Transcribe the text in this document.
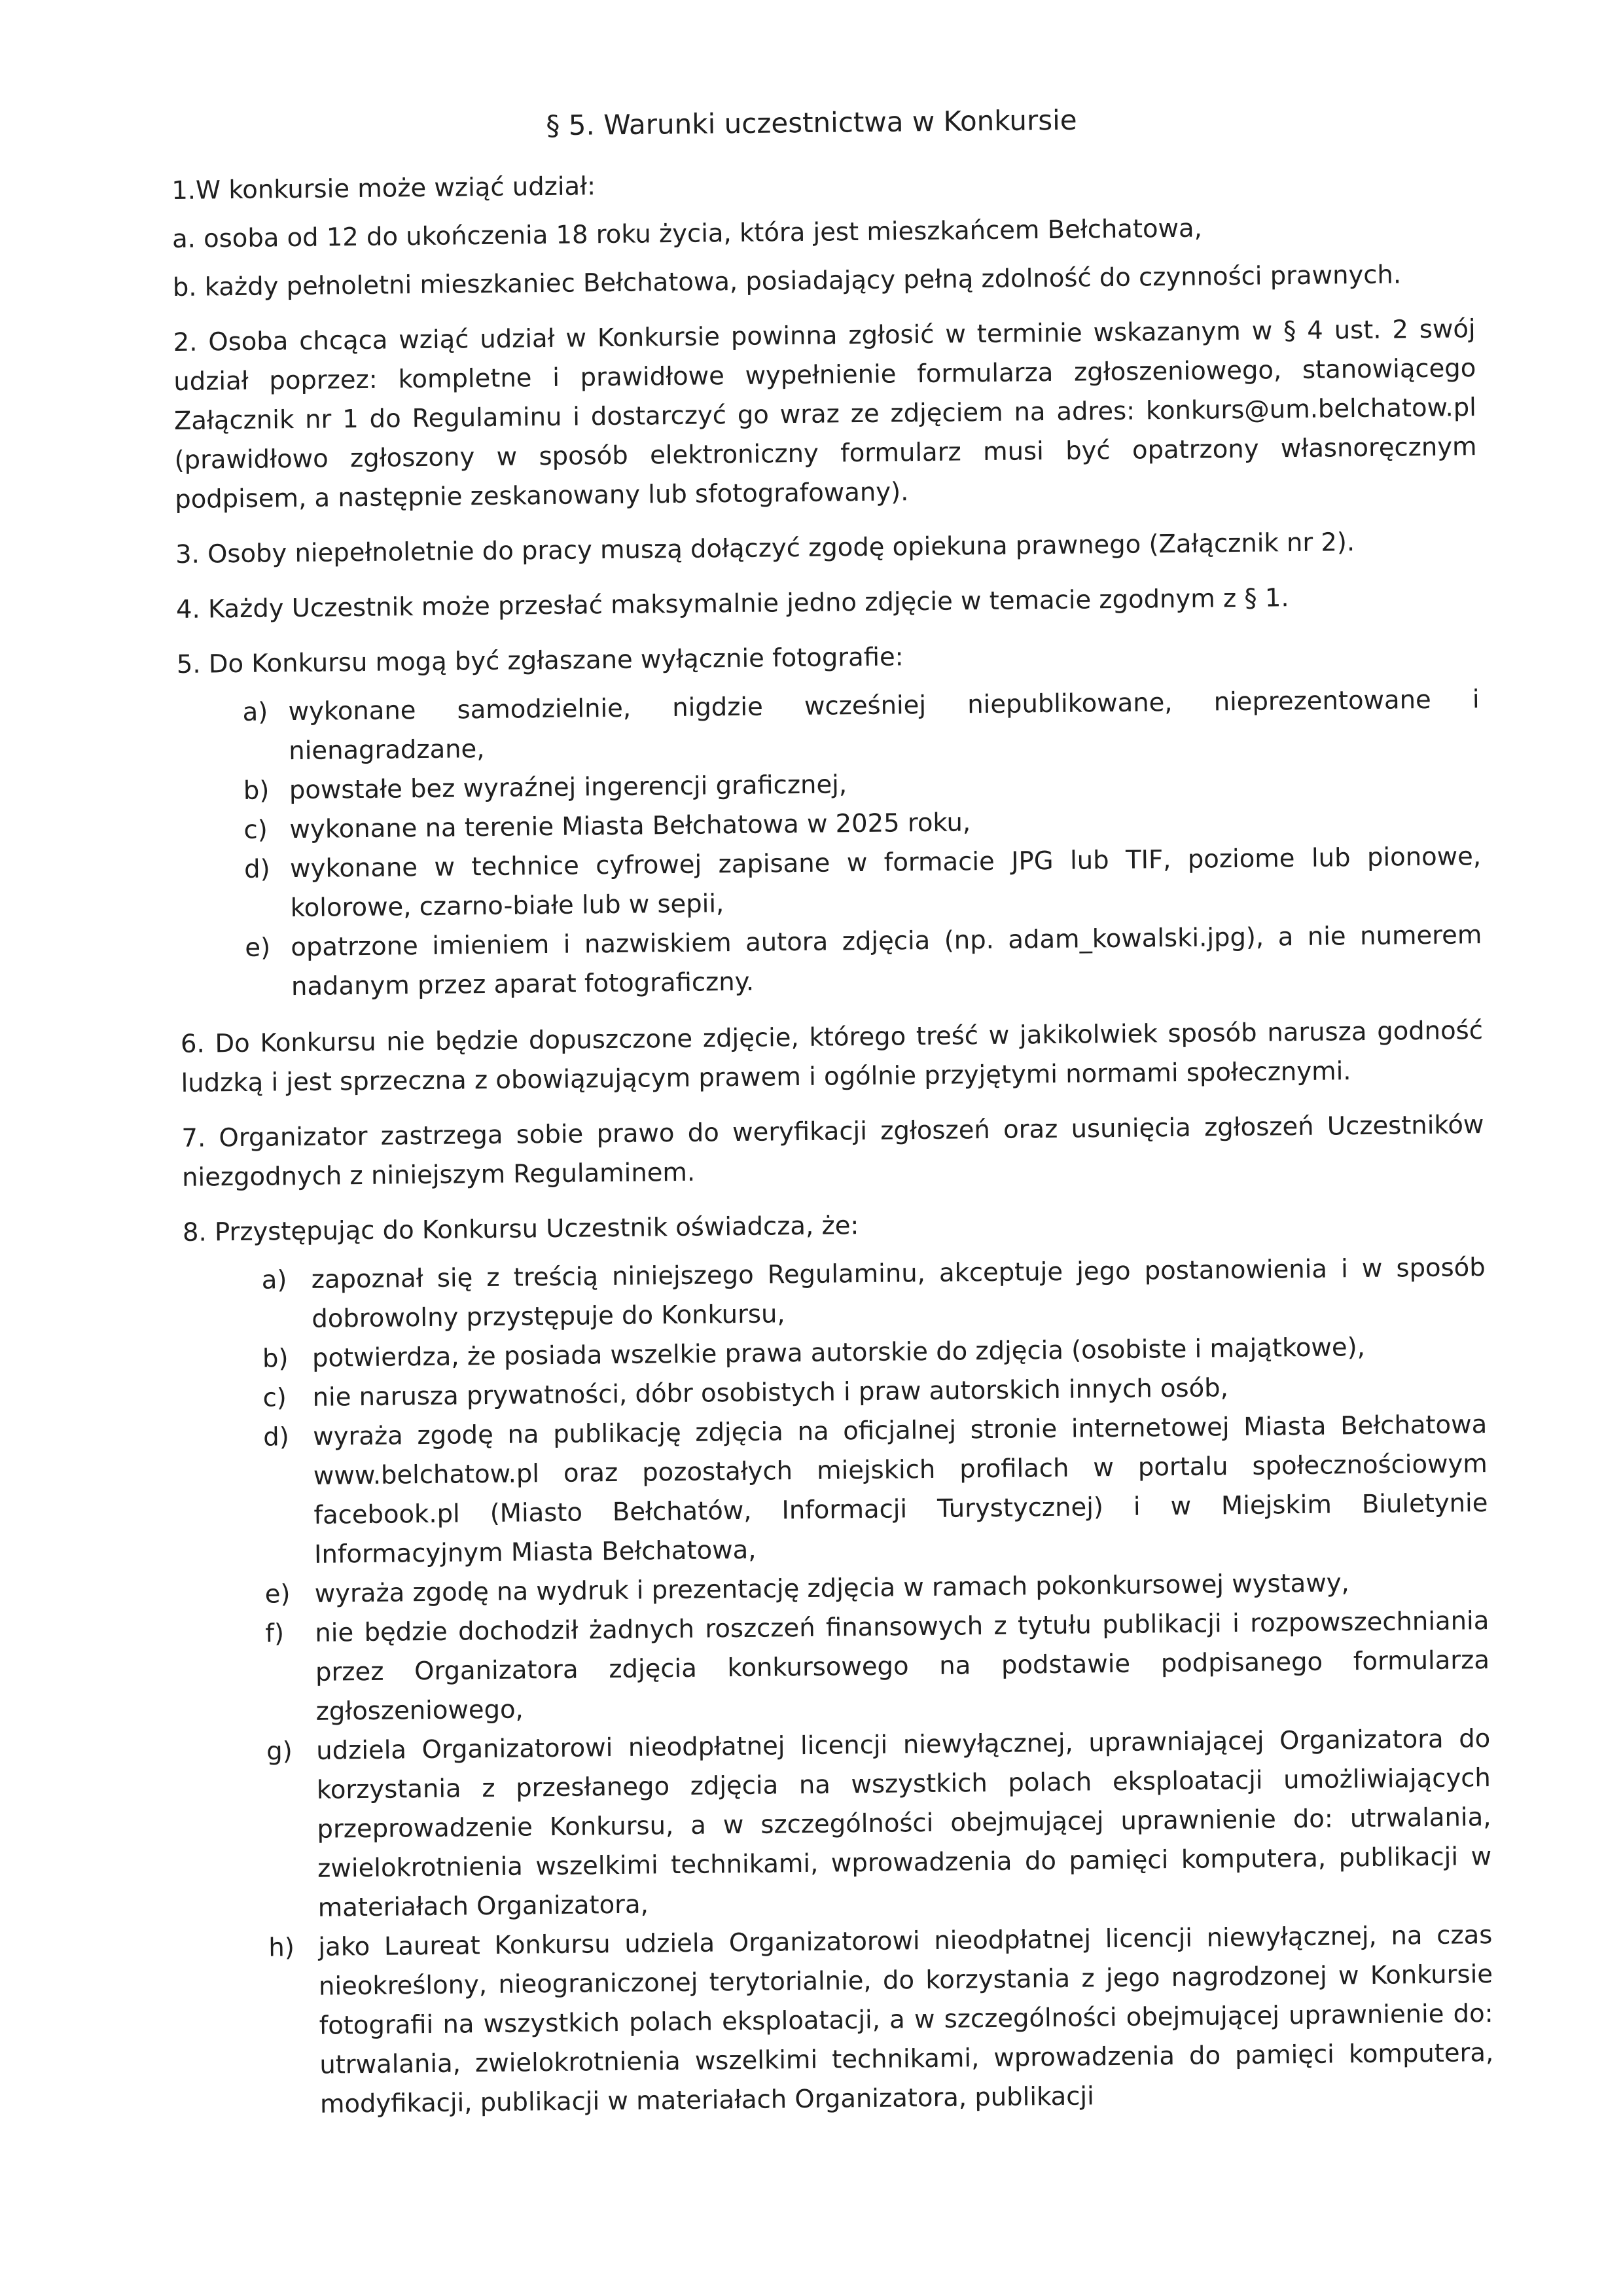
§ 5. Warunki uczestnictwa w Konkursie

1.W konkursie może wziąć udział:

a. osoba od 12 do ukończenia 18 roku życia, która jest mieszkańcem Bełchatowa,

b. każdy pełnoletni mieszkaniec Bełchatowa, posiadający pełną zdolność do czynności prawnych.

2. Osoba chcąca wziąć udział w Konkursie powinna zgłosić w terminie wskazanym w § 4 ust. 2 swój udział poprzez: kompletne i prawidłowe wypełnienie formularza zgłoszeniowego, stanowiącego Załącznik nr 1 do Regulaminu i dostarczyć go wraz ze zdjęciem na adres: konkurs@um.belchatow.pl (prawidłowo zgłoszony w sposób elektroniczny formularz musi być opatrzony własnoręcznym podpisem, a następnie zeskanowany lub sfotografowany).

3. Osoby niepełnoletnie do pracy muszą dołączyć zgodę opiekuna prawnego (Załącznik nr 2).

4. Każdy Uczestnik może przesłać maksymalnie jedno zdjęcie w temacie zgodnym z § 1.

5. Do Konkursu mogą być zgłaszane wyłącznie fotografie:

a) wykonane samodzielnie, nigdzie wcześniej niepublikowane, nieprezentowane i nienagradzane,
b) powstałe bez wyraźnej ingerencji graficznej,
c) wykonane na terenie Miasta Bełchatowa w 2025 roku,
d) wykonane w technice cyfrowej zapisane w formacie JPG lub TIF, poziome lub pionowe, kolorowe, czarno-białe lub w sepii,
e) opatrzone imieniem i nazwiskiem autora zdjęcia (np. adam_kowalski.jpg), a nie numerem nadanym przez aparat fotograficzny.

6. Do Konkursu nie będzie dopuszczone zdjęcie, którego treść w jakikolwiek sposób narusza godność ludzką i jest sprzeczna z obowiązującym prawem i ogólnie przyjętymi normami społecznymi.

7. Organizator zastrzega sobie prawo do weryfikacji zgłoszeń oraz usunięcia zgłoszeń Uczestników niezgodnych z niniejszym Regulaminem.

8. Przystępując do Konkursu Uczestnik oświadcza, że:

a) zapoznał się z treścią niniejszego Regulaminu, akceptuje jego postanowienia i w sposób dobrowolny przystępuje do Konkursu,
b) potwierdza, że posiada wszelkie prawa autorskie do zdjęcia (osobiste i majątkowe),
c)	nie narusza prywatności, dóbr osobistych i praw autorskich innych osób,
d) wyraża zgodę na publikację zdjęcia na oficjalnej stronie internetowej Miasta Bełchatowa www.belchatow.pl oraz pozostałych miejskich profilach w portalu społecznościowym facebook.pl (Miasto Bełchatów, Informacji Turystycznej) i w Miejskim Biuletynie Informacyjnym Miasta Bełchatowa,
e) wyraża zgodę na wydruk i prezentację zdjęcia w ramach pokonkursowej wystawy,
f)	nie będzie dochodził żadnych roszczeń finansowych z tytułu publikacji i rozpowszechniania przez Organizatora zdjęcia konkursowego na podstawie podpisanego formularza zgłoszeniowego,
g) udziela Organizatorowi nieodpłatnej licencji niewyłącznej, uprawniającej Organizatora do korzystania z przesłanego zdjęcia na wszystkich polach eksploatacji umożliwiających przeprowadzenie Konkursu, a w szczególności obejmującej uprawnienie do: utrwalania, zwielokrotnienia wszelkimi technikami, wprowadzenia do pamięci komputera, publikacji w materiałach Organizatora,
h) jako Laureat Konkursu udziela Organizatorowi nieodpłatnej licencji niewyłącznej, na czas nieokreślony, nieograniczonej terytorialnie, do korzystania z jego nagrodzonej w Konkursie fotografii na wszystkich polach eksploatacji, a w szczególności obejmującej uprawnienie do: utrwalania, zwielokrotnienia wszelkimi technikami, wprowadzenia do pamięci komputera, modyfikacji, publikacji w materiałach Organizatora, publikacji
